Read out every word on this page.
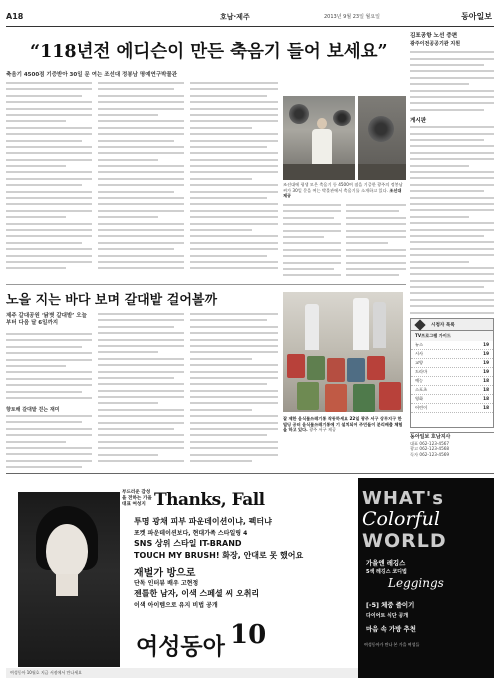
A18	호남·제주	2013년 9월 23일 월요일	동아일보
“118년전 에디슨이 만든 축음기 들어 보세요”
축음기 4500점 기증받아 30일 문 여는 조선대 정봉남 명예연구박물관
조선대에 평생 모은 축음기 등 4500여 점을 기증한 광주의 정봉남 씨가 30일 문을 여는 박물관에서 축음기를 소개하고 있다. 조선대 제공
노을 지는 바다 보며 갈대밭 걸어볼까
제주 갈대공원 ‘닭볏 갈대밭’ 오늘부터 다음 달 6일까지
향토해 갈대밭 걷는 재미
잘 제한 음식물쓰레기통 작동하세요 22일 광주 서구 상무지구 한 빌딩 공터 음식물쓰레기통에 기 설치되어 주민들이 분리배출 체험을 하고 있다. 광주 서구 제공
김포공항 노선 증편
광주이전공공기관 지원
게시판
시청자 목록
TV프로그램 가이드
뉴스	19
시사	19
교양	19
드라마	19
예능	18
스포츠	18
영화	18
어린이	18
동아일보 호남지사
대표 062-123-4567
광고 062-123-4568
독자 062-123-4569
부드러운 감성을 전하는 가을 대표 여성지 Thanks, Fall
투명 광채 피부 파운데이션이냐, 펙터냐
포켓 파운데이션보다, 현대가족 스타일링 4
SNS 상위 스타일 IT-BRAND
TOUCH MY BRUSH! 화장, 안대로 못 했어요
재벌가 방으로
단독 인터뷰 배우 고현정
젠틀한 남자, 이색 스페셜 씨 오취리
이색 아이템으로 유지 비법 공개
여성동아 10
여성동아 10월호 지금 서점에서 만나세요
WHAT's
Colorful
WORLD
가을엔 레깅스
5색 레깅스 코디법
Leggings
[-5] 체중 줄이기
다이어트 식단 공개
마음 속 가방 추천
여성동아가 만나 본 가을 여성들
